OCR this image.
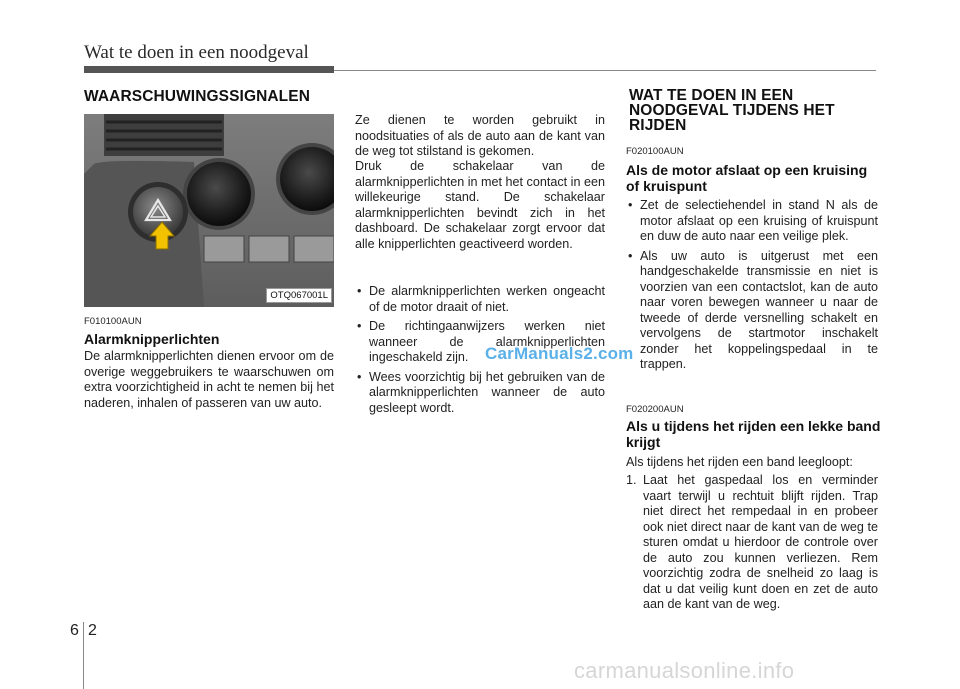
Wat te doen in een noodgeval
WAARSCHUWINGSSIGNALEN
OTQ067001L
F010100AUN
Alarmknipperlichten
De alarmknipperlichten dienen ervoor om de overige weggebruikers te waarschuwen om extra voorzichtigheid in acht te nemen bij het naderen, inhalen of passeren van uw auto.
Ze dienen te worden gebruikt in noodsituaties of als de auto aan de kant van de weg tot stilstand is gekomen.
Druk de schakelaar van de alarmknipperlichten in met het contact in een willekeurige stand. De schakelaar alarmknipperlichten bevindt zich in het dashboard. De schakelaar zorgt ervoor dat alle knipperlichten geactiveerd worden.
• De alarmknipperlichten werken ongeacht of de motor draait of niet.
• De richtingaanwijzers werken niet wanneer de alarmknipperlichten ingeschakeld zijn.
• Wees voorzichtig bij het gebruiken van de alarmknipperlichten wanneer de auto gesleept wordt.
CarManuals2.com
WAT TE DOEN IN EEN NOODGEVAL TIJDENS HET RIJDEN
F020100AUN
Als de motor afslaat op een kruising of kruispunt
• Zet de selectiehendel in stand N als de motor afslaat op een kruising of kruispunt en duw de auto naar een veilige plek.
• Als uw auto is uitgerust met een handgeschakelde transmissie en niet is voorzien van een contactslot, kan de auto naar voren bewegen wanneer u naar de tweede of derde versnelling schakelt en vervolgens de startmotor inschakelt zonder het koppelingspedaal in te trappen.
F020200AUN
Als u tijdens het rijden een lekke band krijgt
Als tijdens het rijden een band leegloopt:
1. Laat het gaspedaal los en verminder vaart terwijl u rechtuit blijft rijden. Trap niet direct het rempedaal in en probeer ook niet direct naar de kant van de weg te sturen omdat u hierdoor de controle over de auto zou kunnen verliezen. Rem voorzichtig zodra de snelheid zo laag is dat u dat veilig kunt doen en zet de auto aan de kant van de weg.
6 2
carmanualsonline.info
